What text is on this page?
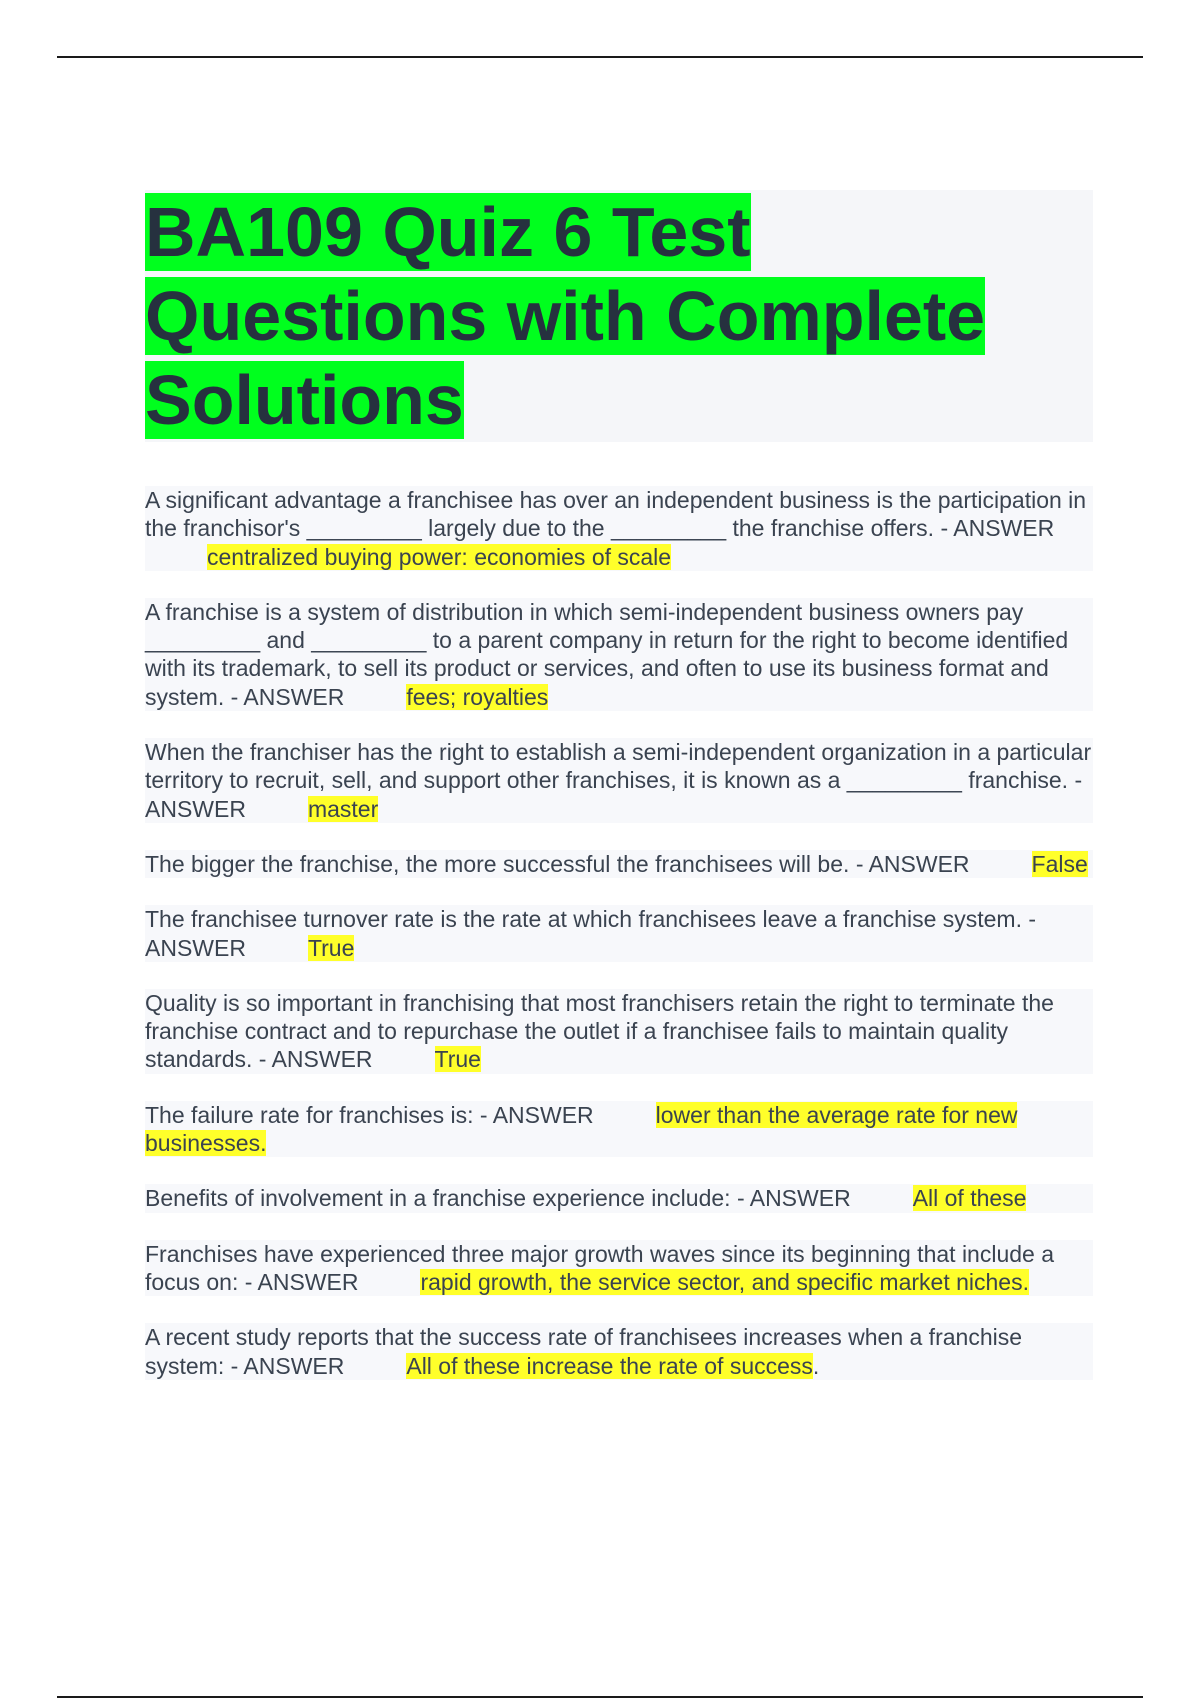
BA109 Quiz 6 Test Questions with Complete Solutions

A significant advantage a franchisee has over an independent business is the participation in the franchisor's _________ largely due to the _________ the franchise offers. - ANSWERcentralized buying power: economies of scale

A franchise is a system of distribution in which semi-independent business owners pay _________ and _________ to a parent company in return for the right to become identified with its trademark, to sell its product or services, and often to use its business format and system. - ANSWER	fees; royalties

When the franchiser has the right to establish a semi-independent organization in a particular territory to recruit, sell, and support other franchises, it is known as a _________ franchise. - ANSWER	master

The bigger the franchise, the more successful the franchisees will be. - ANSWER	False

The franchisee turnover rate is the rate at which franchisees leave a franchise system. - ANSWER	True

Quality is so important in franchising that most franchisers retain the right to terminate the franchise contract and to repurchase the outlet if a franchisee fails to maintain quality standards. - ANSWER	True

The failure rate for franchises is: - ANSWER	lower than the average rate for new businesses.

Benefits of involvement in a franchise experience include: - ANSWER	All of these

Franchises have experienced three major growth waves since its beginning that include a focus on: - ANSWER	rapid growth, the service sector, and specific market niches.

A recent study reports that the success rate of franchisees increases when a franchise system: - ANSWER	All of these increase the rate of success.
